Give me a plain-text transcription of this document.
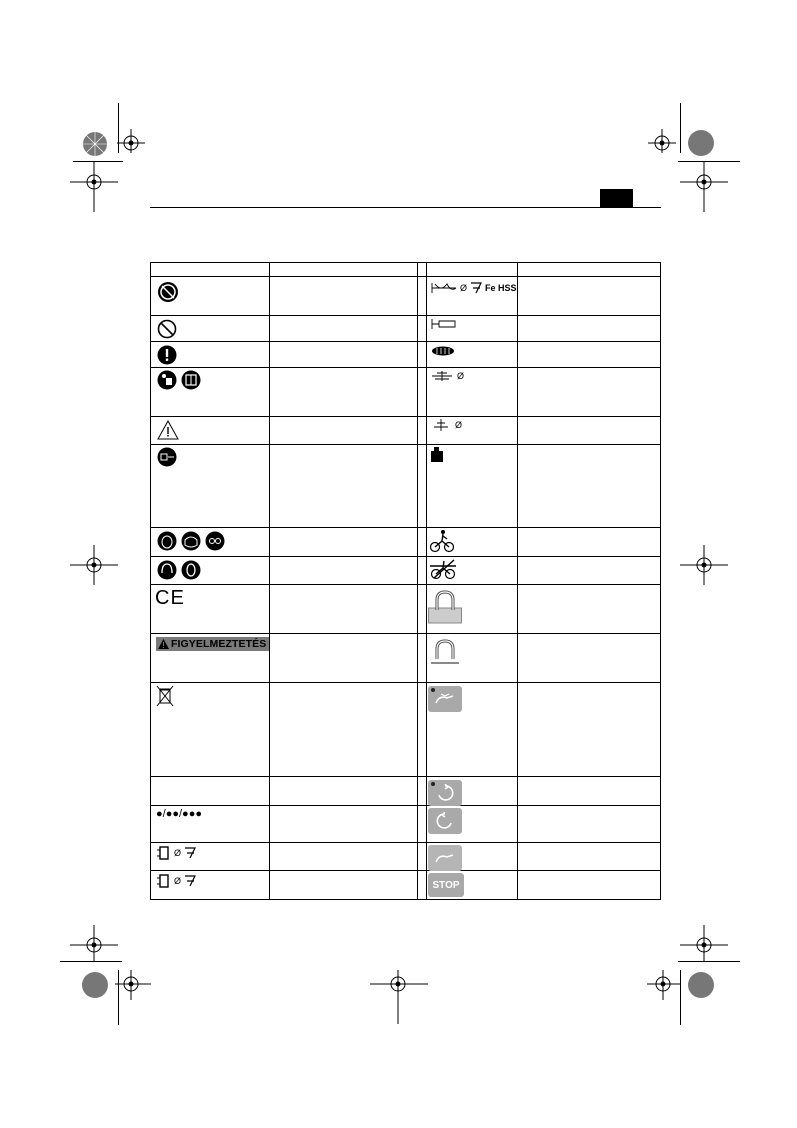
CE
FIGYELMEZTETÉS
●/●●/●●●
Ø
Ø
Ø Fe HSS
Ø
Ø
STOP
